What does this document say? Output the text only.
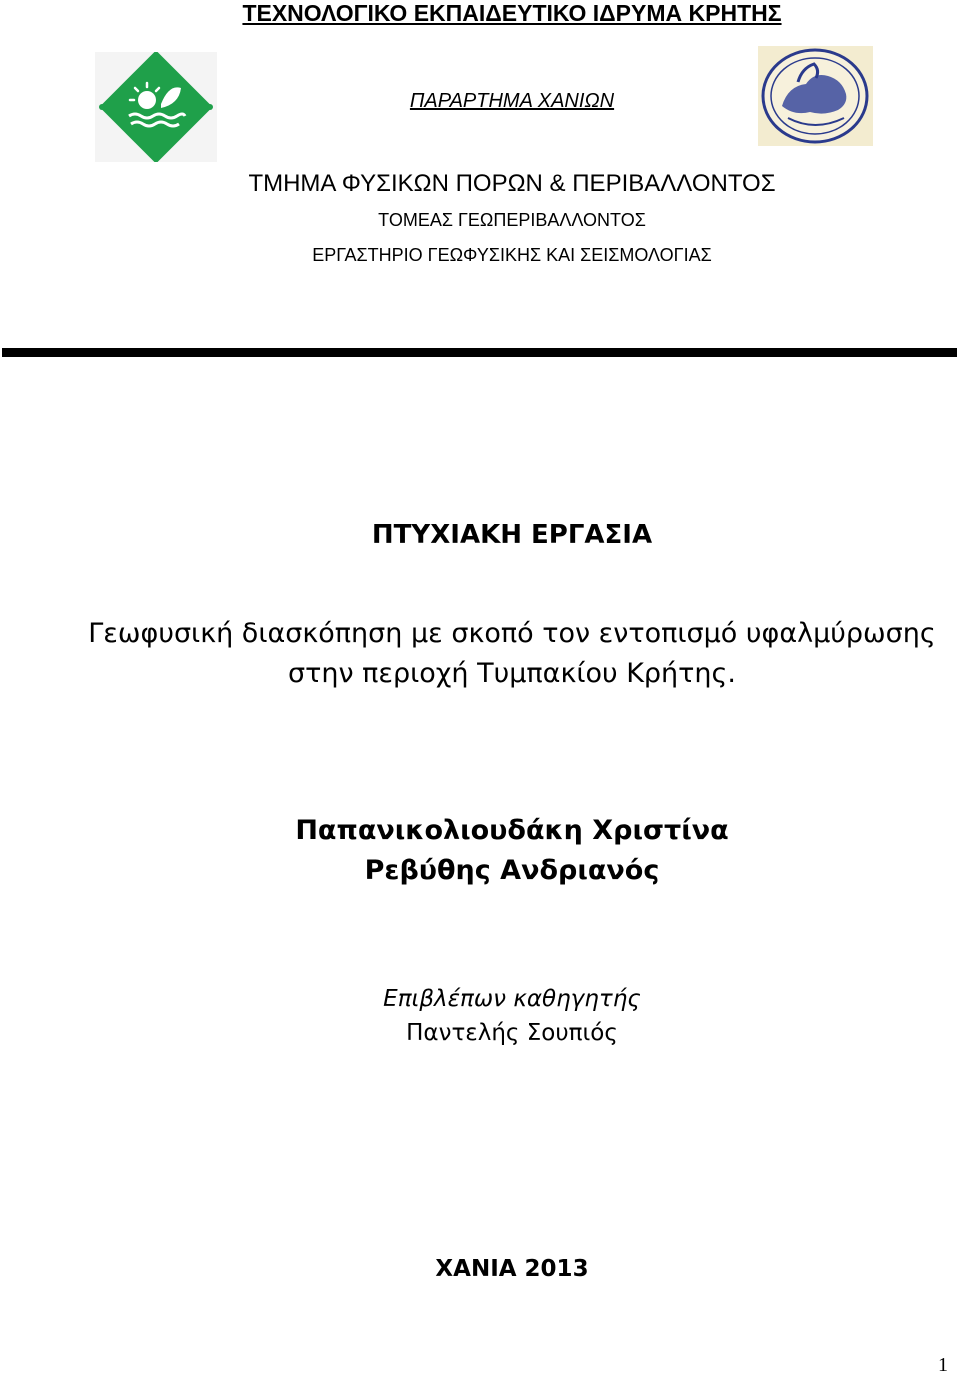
ΤΕΧΝΟΛΟΓΙΚΟ ΕΚΠΑΙΔΕΥΤΙΚΟ ΙΔΡΥΜΑ ΚΡΗΤΗΣ
ΠΑΡΑΡΤΗΜΑ ΧΑΝΙΩΝ
ΤΜΗΜΑ ΦΥΣΙΚΩΝ ΠΟΡΩΝ & ΠΕΡΙΒΑΛΛΟΝΤΟΣ
ΤΟΜΕΑΣ ΓΕΩΠΕΡΙΒΑΛΛΟΝΤΟΣ
ΕΡΓΑΣΤΗΡΙΟ ΓΕΩΦΥΣΙΚΗΣ ΚΑΙ ΣΕΙΣΜΟΛΟΓΙΑΣ
ΠΤΥΧΙΑΚΗ ΕΡΓΑΣΙΑ
Γεωφυσική διασκόπηση με σκοπό τον εντοπισμό υφαλμύρωσης
στην περιοχή Τυμπακίου Κρήτης.
Παπανικολιουδάκη Χριστίνα
Ρεβύθης Ανδριανός
Επιβλέπων καθηγητής
Παντελής Σουπιός
ΧΑΝΙΑ 2013
1
